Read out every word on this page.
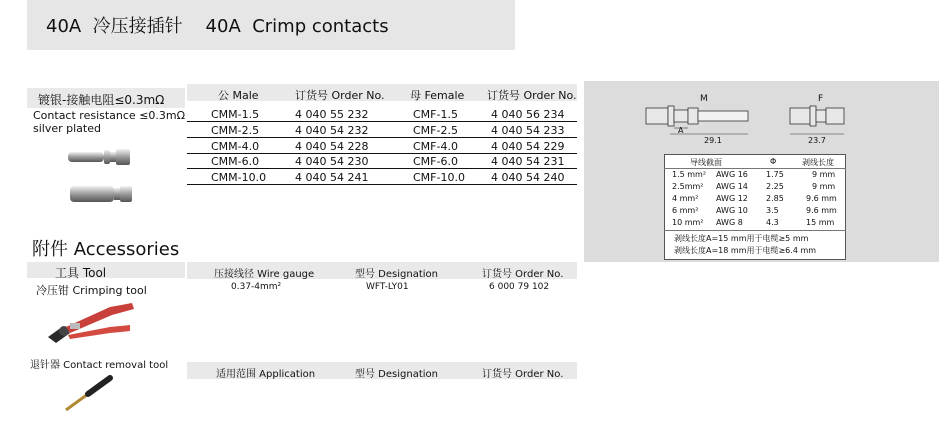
40A  冷压接插针    40A  Crimp contacts
镀银-接触电阻≤0.3mΩ
Contact resistance ≤0.3mΩ
silver plated
公 Male	订货号 Order No. 母 Female 订货号 Order No.
CMM-1.5	4 040 55 232	CMF-1.5	4 040 56 234
CMM-2.5	4 040 54 232	CMF-2.5	4 040 54 233
CMM-4.0	4 040 54 228	CMF-4.0	4 040 54 229
CMM-6.0	4 040 54 230	CMF-6.0	4 040 54 231
CMM-10.0	4 040 54 241	CMF-10.0 4 040 54 240
附件 Accessories
工具 Tool
冷压钳 Crimping tool
退针器 Contact removal tool
压接线径 Wire gauge	型号 Designation	订货号 Order No.
0.37-4mm²	WFT-LY01	6 000 79 102
适用范围 Application	型号 Designation	订货号 Order No.
M	F
A
29.1	23.7
导线截面	Φ	剥线长度
1.5 mm² AWG 16 1.75	9 mm
2.5mm² AWG 14 2.25	9 mm
4 mm² AWG 12 2.85	9.6 mm
6 mm² AWG 10 3.5	9.6 mm
10 mm² AWG 8	4.3	15 mm
剥线长度A=15 mm用于电缆≥5 mm
剥线长度A=18 mm用于电缆≥6.4 mm
